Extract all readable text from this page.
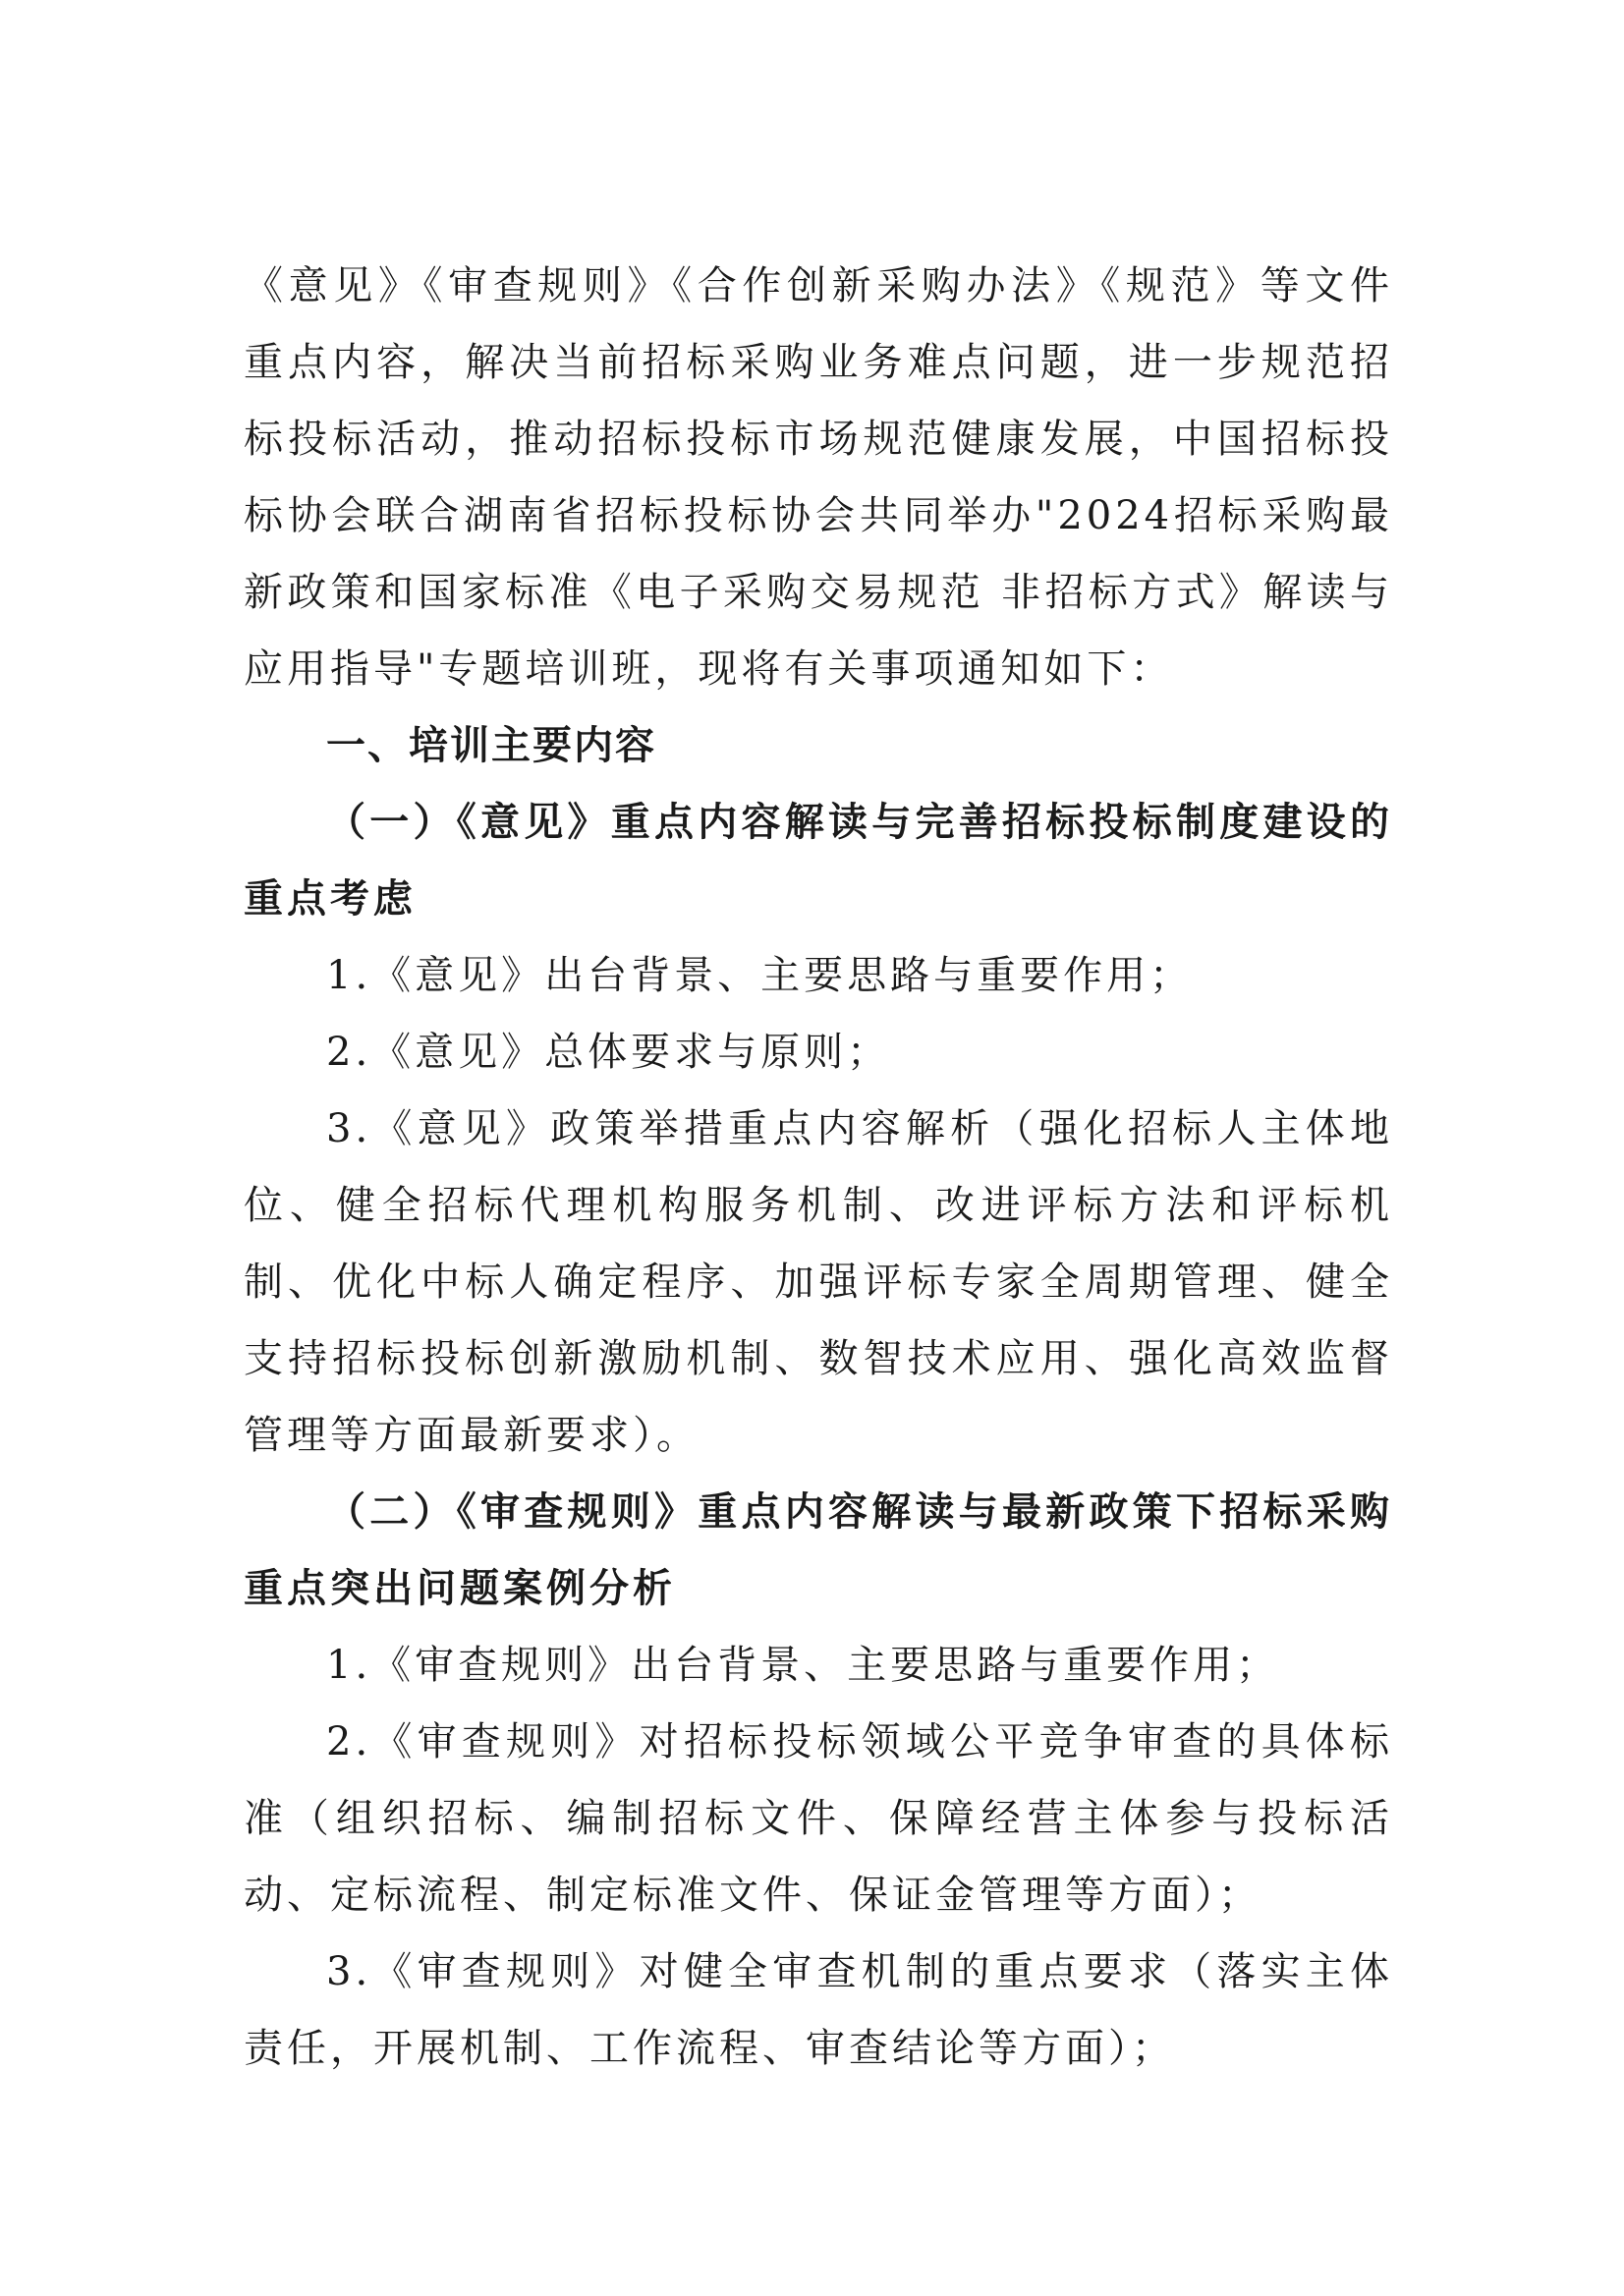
《意见》《审查规则》《合作创新采购办法》《规范》等文件重点内容，解决当前招标采购业务难点问题，进一步规范招标投标活动，推动招标投标市场规范健康发展，中国招标投标协会联合湖南省招标投标协会共同举办"2024招标采购最新政策和国家标准《电子采购交易规范 非招标方式》解读与应用指导"专题培训班，现将有关事项通知如下：

一、培训主要内容

（一）《意见》重点内容解读与完善招标投标制度建设的重点考虑

1.《意见》出台背景、主要思路与重要作用；

2.《意见》总体要求与原则；

3.《意见》政策举措重点内容解析（强化招标人主体地位、健全招标代理机构服务机制、改进评标方法和评标机制、优化中标人确定程序、加强评标专家全周期管理、健全支持招标投标创新激励机制、数智技术应用、强化高效监督管理等方面最新要求）。

（二）《审查规则》重点内容解读与最新政策下招标采购重点突出问题案例分析

1.《审查规则》出台背景、主要思路与重要作用；

2.《审查规则》对招标投标领域公平竞争审查的具体标准（组织招标、编制招标文件、保障经营主体参与投标活动、定标流程、制定标准文件、保证金管理等方面）；

3.《审查规则》对健全审查机制的重点要求（落实主体责任，开展机制、工作流程、审查结论等方面）；
